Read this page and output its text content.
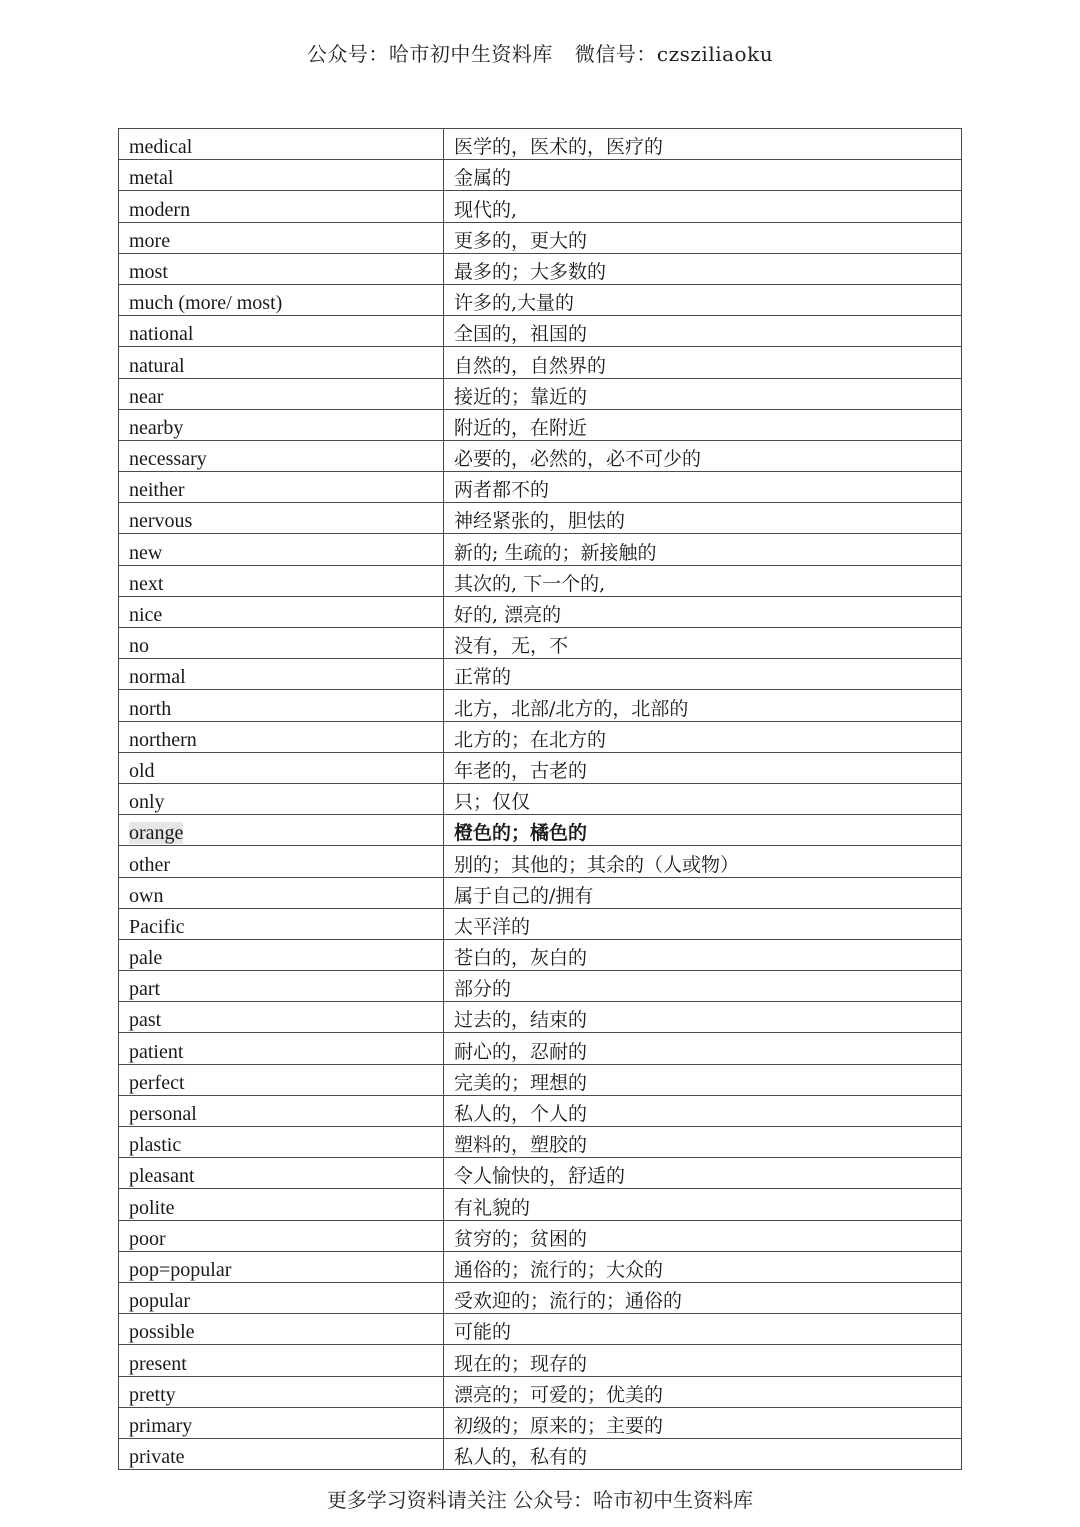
公众号：哈市初中生资料库 微信号：czsziliaoku
medical	医学的，医术的，医疗的
metal	金属的
modern	现代的,
more	更多的，更大的
most	最多的；大多数的
much (more/ most)	许多的,大量的
national	全国的，祖国的
natural	自然的，自然界的
near	接近的；靠近的
nearby	附近的，在附近
necessary	必要的，必然的，必不可少的
neither	两者都不的
nervous	神经紧张的，胆怯的
new	新的; 生疏的；新接触的
next	其次的, 下一个的,
nice	好的, 漂亮的
no	没有，无，不
normal	正常的
north	北方，北部/北方的，北部的
northern	北方的；在北方的
old	年老的，古老的
only	只；仅仅
orange	橙色的；橘色的
other	别的；其他的；其余的（人或物）
own	属于自己的/拥有
Pacific	太平洋的
pale	苍白的，灰白的
part	部分的
past	过去的，结束的
patient	耐心的，忍耐的
perfect	完美的；理想的
personal	私人的，个人的
plastic	塑料的，塑胶的
pleasant	令人愉快的，舒适的
polite	有礼貌的
poor	贫穷的；贫困的
pop=popular	通俗的；流行的；大众的
popular	受欢迎的；流行的；通俗的
possible	可能的
present	现在的；现存的
pretty	漂亮的；可爱的；优美的
primary	初级的；原来的；主要的
private	私人的，私有的
更多学习资料请关注 公众号：哈市初中生资料库
